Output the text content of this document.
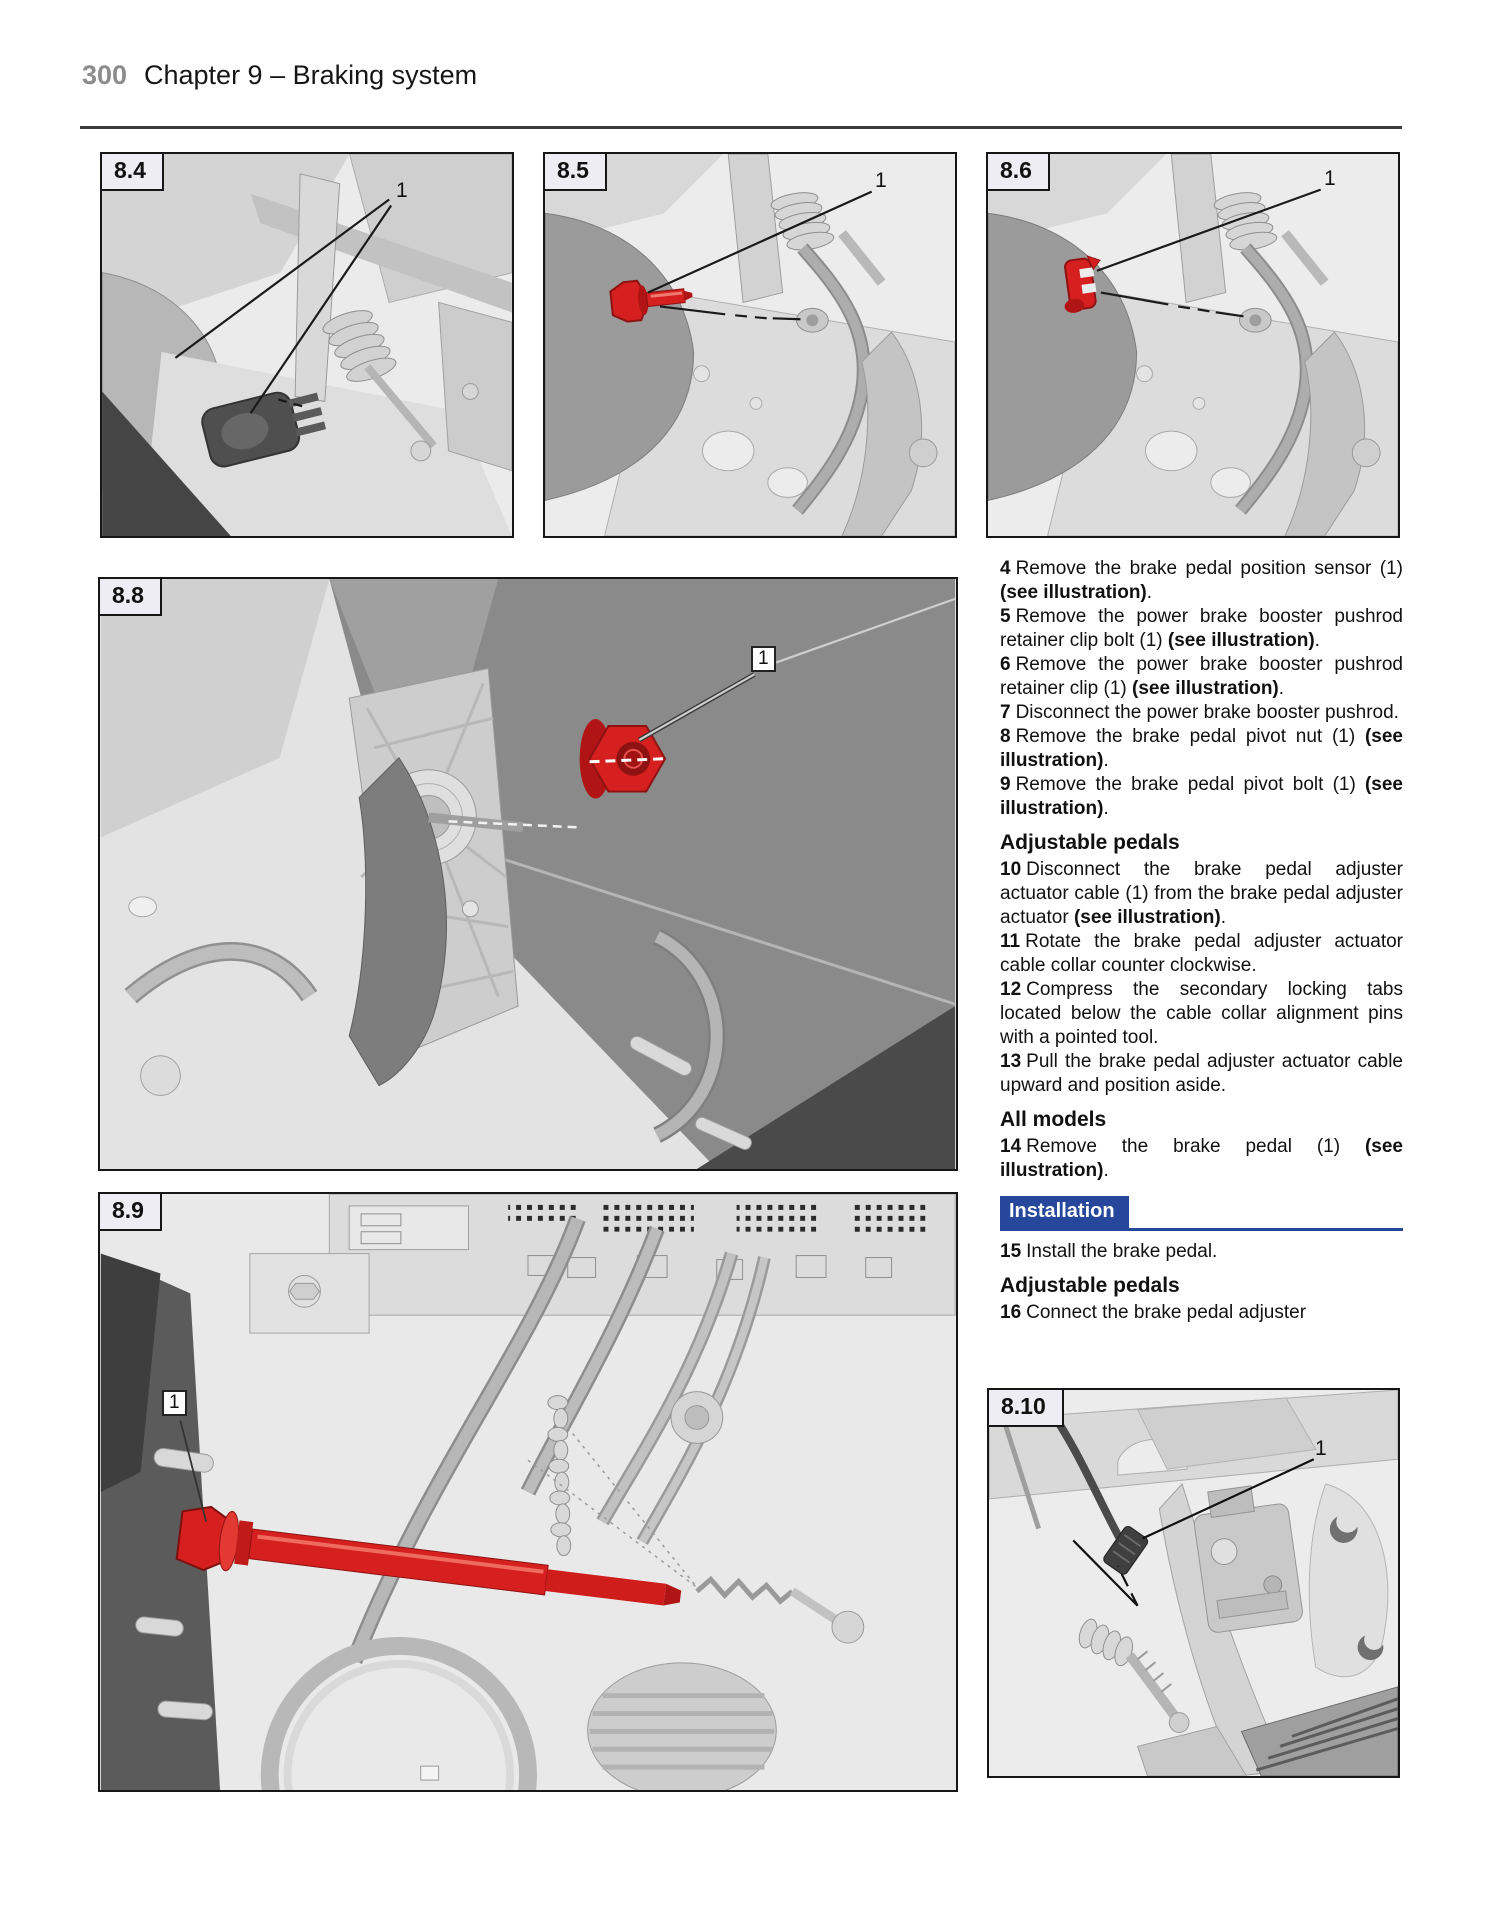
300 Chapter 9 – Braking system
8.4
1
8.5	1	8.6	1
8.8
1

4 Remove the brake pedal position sensor (1) (see illustration).

5 Remove the power brake booster pushrod retainer clip bolt (1) (see illustration).

6 Remove the power brake booster pushrod retainer clip (1) (see illustration).

7 Disconnect the power brake booster pushrod.

8 Remove the brake pedal pivot nut (1) (see illustration).

9 Remove the brake pedal pivot bolt (1) (see illustration).

Adjustable pedals

10 Disconnect the brake pedal adjuster actuator cable (1) from the brake pedal adjuster actuator (see illustration).

11 Rotate the brake pedal adjuster actuator cable collar counter clockwise.

12 Compress the secondary locking tabs located below the cable collar alignment pins with a pointed tool.

13 Pull the brake pedal adjuster actuator cable upward and position aside.

All models

14 Remove the brake pedal (1) (see illustration).

Installation

15 Install the brake pedal.

Adjustable pedals

16 Connect the brake pedal adjuster

8.9
1	8.10
1
